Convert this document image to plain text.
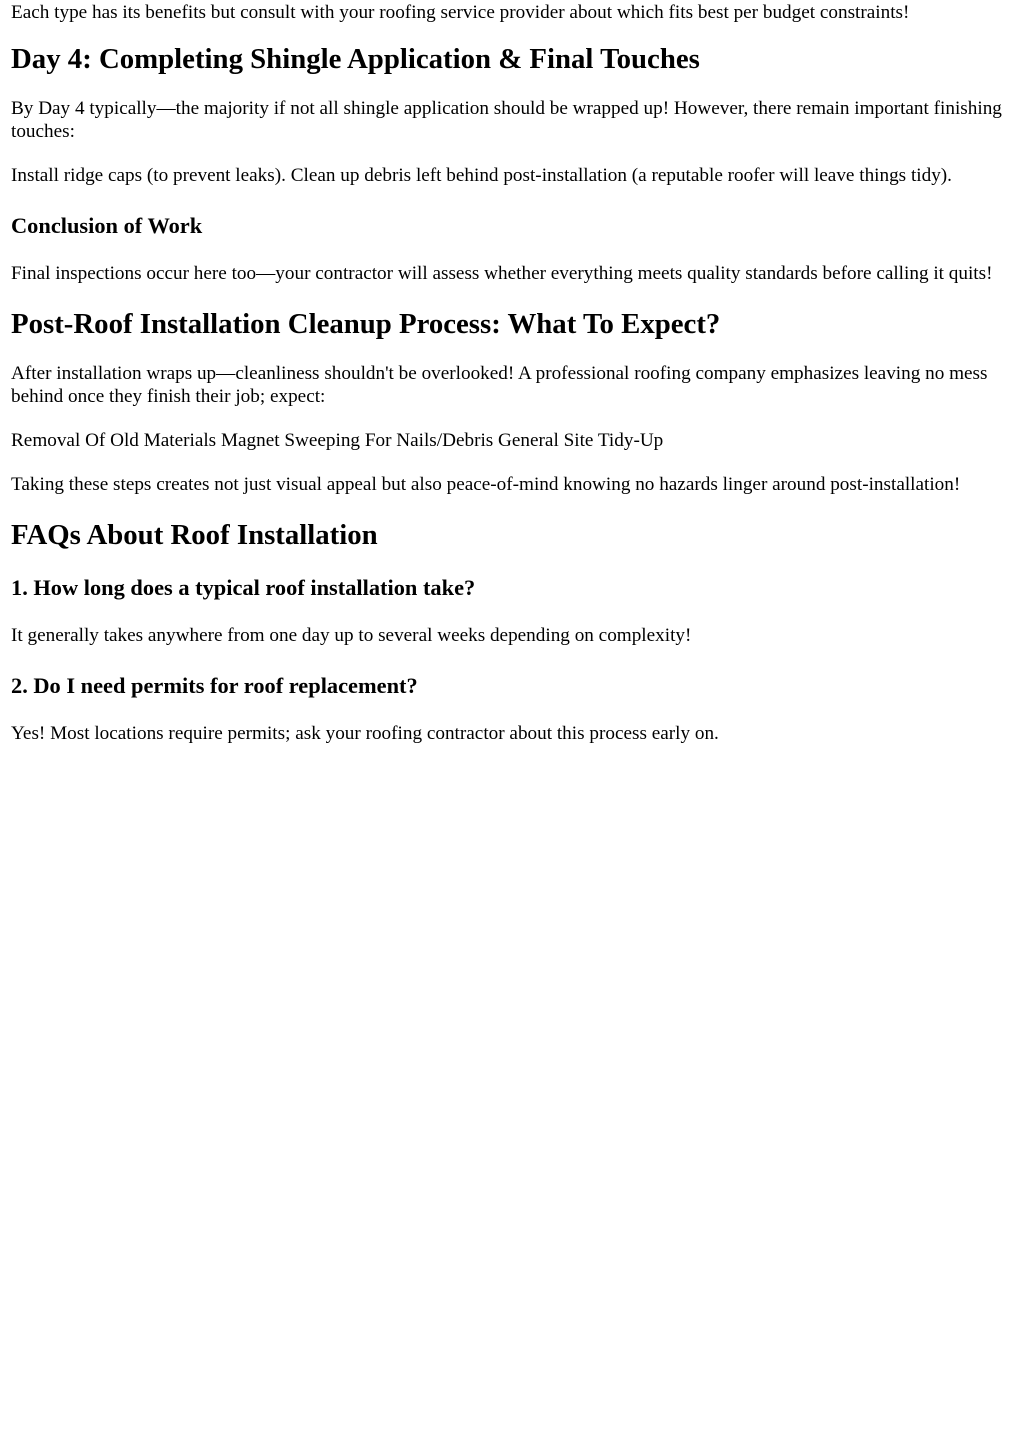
Each type has its benefits but consult with your roofing service provider about which fits best per budget constraints!

Day 4: Completing Shingle Application & Final Touches

By Day 4 typically—the majority if not all shingle application should be wrapped up! However, there remain important finishing touches:

Install ridge caps (to prevent leaks). Clean up debris left behind post-installation (a reputable roofer will leave things tidy).

Conclusion of Work

Final inspections occur here too—your contractor will assess whether everything meets quality standards before calling it quits!

Post-Roof Installation Cleanup Process: What To Expect?

After installation wraps up—cleanliness shouldn't be overlooked! A professional roofing company emphasizes leaving no mess behind once they finish their job; expect:

Removal Of Old Materials Magnet Sweeping For Nails/Debris General Site Tidy-Up

Taking these steps creates not just visual appeal but also peace-of-mind knowing no hazards linger around post-installation!

FAQs About Roof Installation
1. How long does a typical roof installation take?

It generally takes anywhere from one day up to several weeks depending on complexity!

2. Do I need permits for roof replacement?

Yes! Most locations require permits; ask your roofing contractor about this process early on.
